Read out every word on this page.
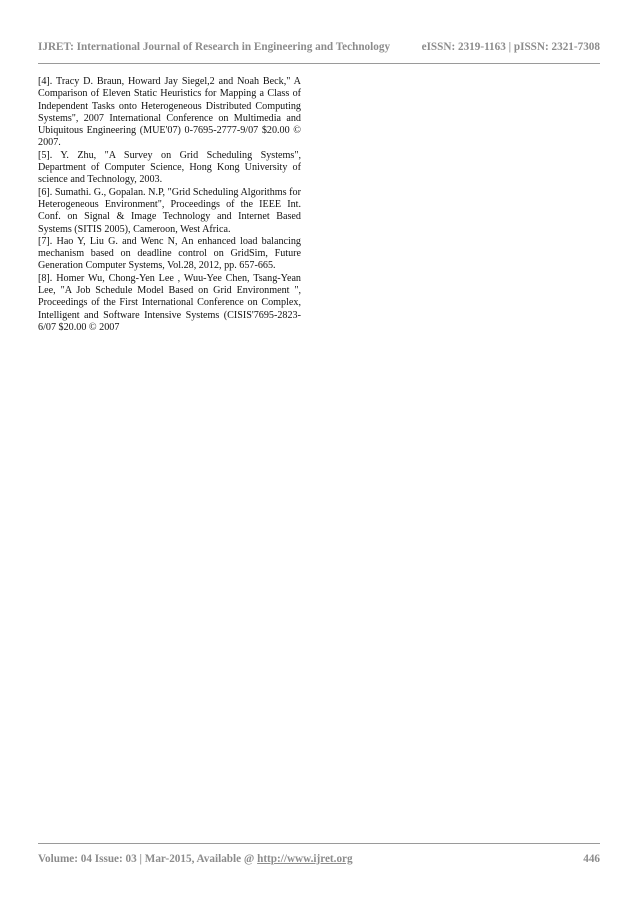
IJRET: International Journal of Research in Engineering and Technology	eISSN: 2319-1163 | pISSN: 2321-7308

[4]. Tracy D. Braun, Howard Jay Siegel,2 and Noah Beck," A Comparison of Eleven Static Heuristics for Mapping a Class of Independent Tasks onto Heterogeneous Distributed Computing Systems", 2007 International Conference on Multimedia and Ubiquitous Engineering (MUE'07) 0-7695-2777-9/07 $20.00 © 2007.

[5]. Y. Zhu, "A Survey on Grid Scheduling Systems", Department of Computer Science, Hong Kong University of science and Technology, 2003.

[6]. Sumathi. G., Gopalan. N.P, "Grid Scheduling Algorithms for Heterogeneous Environment", Proceedings of the IEEE Int. Conf. on Signal & Image Technology and Internet Based Systems (SITIS 2005), Cameroon, West Africa.

[7]. Hao Y, Liu G. and Wenc N, An enhanced load balancing mechanism based on deadline control on GridSim, Future Generation Computer Systems, Vol.28, 2012, pp. 657-665.

[8]. Homer Wu, Chong-Yen Lee , Wuu-Yee Chen, Tsang-Yean Lee, "A Job Schedule Model Based on Grid Environment ", Proceedings of the First International Conference on Complex, Intelligent and Software Intensive Systems (CISIS'7695-2823-6/07 $20.00 © 2007

Volume: 04 Issue: 03 | Mar-2015, Available @ http://www.ijret.org	446
